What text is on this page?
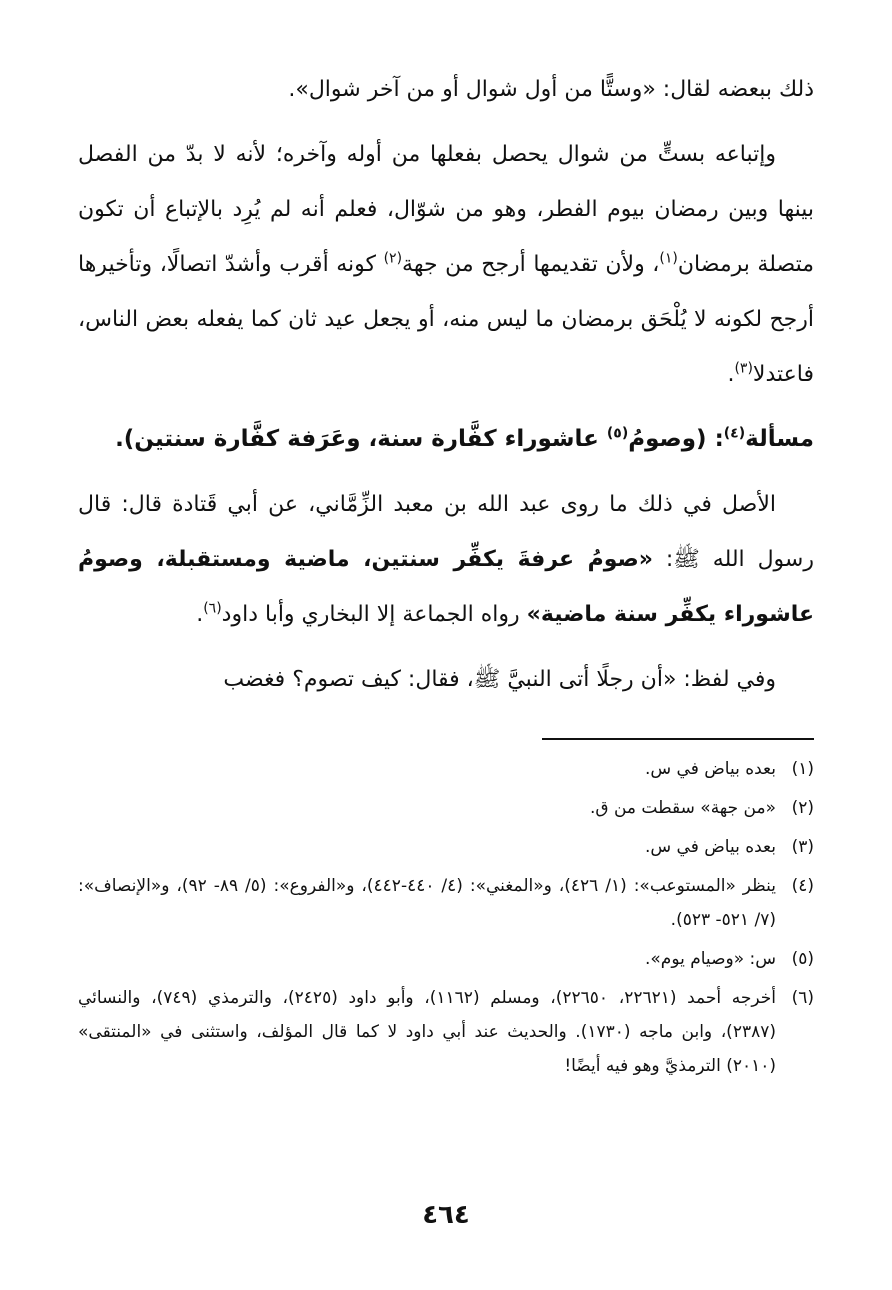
ذلك ببعضه لقال: «وستًّا من أول شوال أو من آخر شوال».

وإتباعه بستٍّ من شوال يحصل بفعلها من أوله وآخره؛ لأنه لا بدّ من الفصل بينها وبين رمضان بيوم الفطر، وهو من شوّال، فعلم أنه لم يُرِد بالإتباع أن تكون متصلة برمضان$^{(١)}$، ولأن تقديمها أرجح من جهة$^{(٢)}$ كونه أقرب وأشدّ اتصالًا، وتأخيرها أرجح لكونه لا يُلْحَق برمضان ما ليس منه، أو يجعل عيد ثان كما يفعله بعض الناس، فاعتدلا$^{(٣)}$.

مسألة$^{(٤)}$: (وصومُ$^{(٥)}$ عاشوراء كفَّارة سنة، وعَرَفة كفَّارة سنتين).

الأصل في ذلك ما روى عبد الله بن معبد الزِّمَّاني، عن أبي قَتادة قال: قال رسول الله ﷺ: «صومُ عرفةَ يكفِّر سنتين، ماضية ومستقبلة، وصومُ عاشوراء يكفِّر سنة ماضية» رواه الجماعة إلا البخاري وأبا داود$^{(٦)}$.

وفي لفظ: «أن رجلًا أتى النبيَّ ﷺ، فقال: كيف تصوم؟ فغضب

(١)
بعده بياض في س.
(٢)
«من جهة» سقطت من ق.
(٣)
بعده بياض في س.
(٤)
ينظر «المستوعب»: (١/ ٤٢٦)، و«المغني»: (٤/ ٤٤٠-٤٤٢)، و«الفروع»: (٥/ ٨٩- ٩٢)، و«الإنصاف»: (٧/ ٥٢١- ٥٢٣).
(٥)
س: «وصيام يوم».
(٦)
أخرجه أحمد (٢٢٦٢١، ٢٢٦٥٠)، ومسلم (١١٦٢)، وأبو داود (٢٤٢٥)، والترمذي (٧٤٩)، والنسائي (٢٣٨٧)، وابن ماجه (١٧٣٠). والحديث عند أبي داود لا كما قال المؤلف، واستثنى في «المنتقى» (٢٠١٠) الترمذيَّ وهو فيه أيضًا!
٤٦٤
